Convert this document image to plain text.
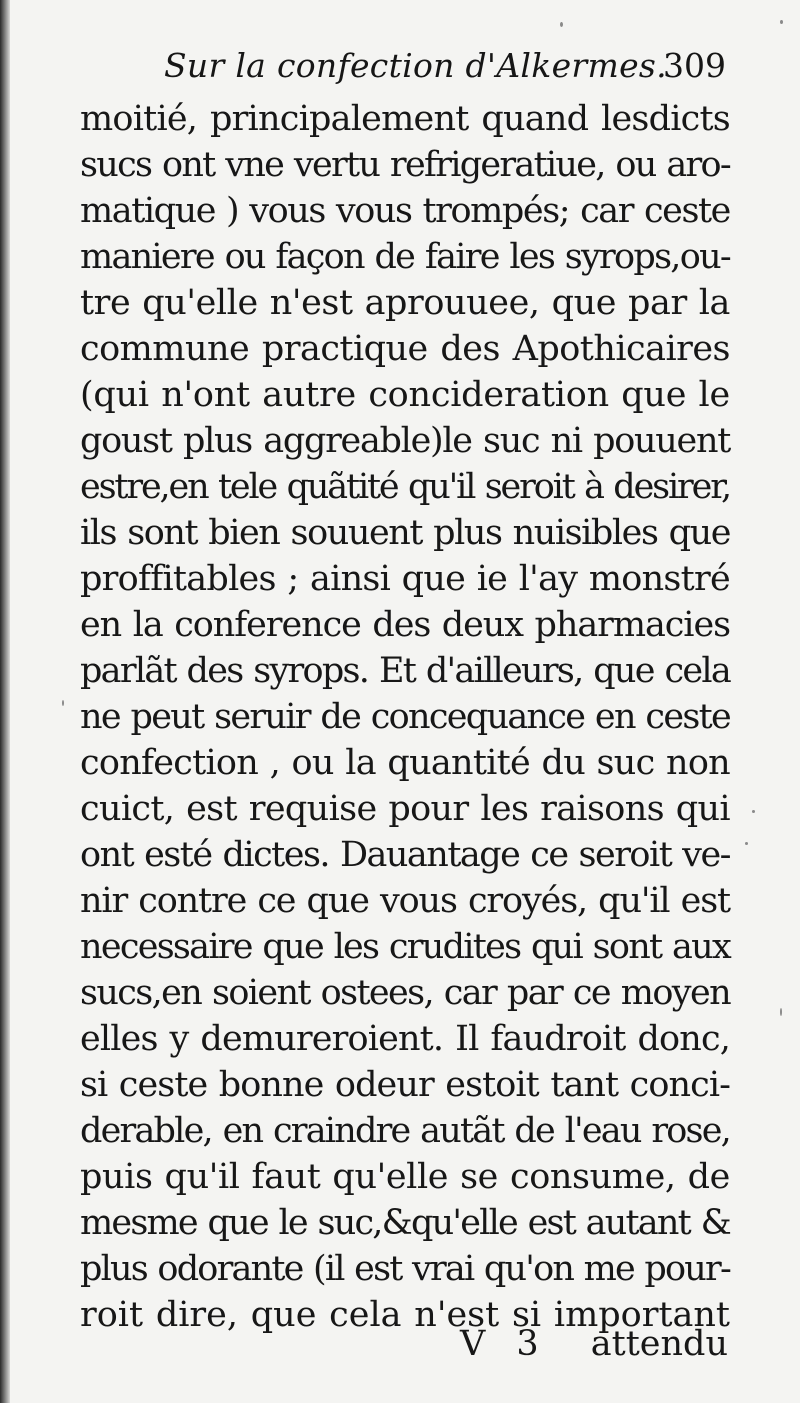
Sur la confection d'Alkermes.
309
moitié, principalement quand lesdicts
sucs ont vne vertu refrigeratiue, ou aro-
matique ) vous vous trompés; car ceste
maniere ou façon de faire les syrops,ou-
tre qu'elle n'est aprouuee, que par la
commune practique des Apothicaires
(qui n'ont autre concideration que le
goust plus aggreable)le suc ni pouuent
estre,en tele quãtité qu'il seroit à desirer,
ils sont bien souuent plus nuisibles que
proffitables ; ainsi que ie l'ay monstré
en la conference des deux pharmacies
parlãt des syrops. Et d'ailleurs, que cela
ne peut seruir de concequance en ceste
confection , ou la quantité du suc non
cuict, est requise pour les raisons qui
ont esté dictes. Dauantage ce seroit ve-
nir contre ce que vous croyés, qu'il est
necessaire que les crudites qui sont aux
sucs,en soient ostees, car par ce moyen
elles y demureroient. Il faudroit donc,
si ceste bonne odeur estoit tant conci-
derable, en craindre autãt de l'eau rose,
puis qu'il faut qu'elle se consume, de
mesme que le suc,&qu'elle est autant &
plus odorante (il est vrai qu'on me pour-
roit dire, que cela n'est si important
V 3 attendu
